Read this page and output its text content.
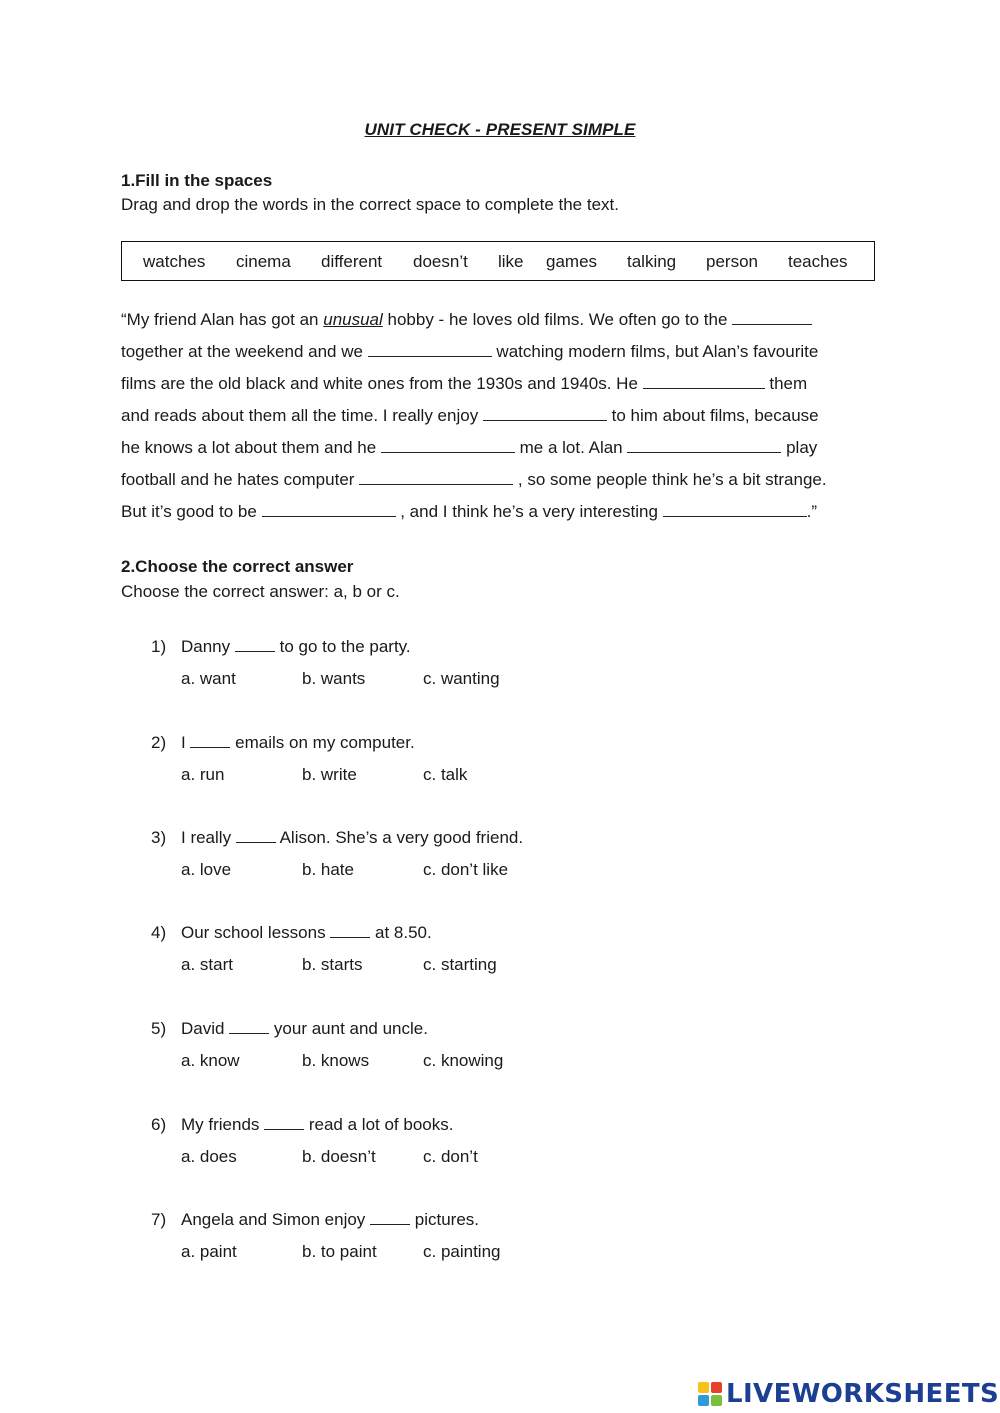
UNIT CHECK - PRESENT SIMPLE
1.Fill in the spaces
Drag and drop the words in the correct space to complete the text.
watches cinema different doesn’t like games talking person teaches
“My friend Alan has got an unusual hobby - he loves old films. We often go to the
together at the weekend and we	watching modern films, but Alan’s favourite
films are the old black and white ones from the 1930s and 1940s. He	them
and reads about them all the time. I really enjoy	to him about films, because
he knows a lot about them and he	me a lot. Alan	play
football and he hates computer	, so some people think he’s a bit strange.
But it’s good to be	, and I think he’s a very interesting	.”
2.Choose the correct answer
Choose the correct answer: a, b or c.
1) Danny  to go to the party.
a. want	b. wants	c. wanting
2) I  emails on my computer.
a. run	b. write	c. talk
3) I really  Alison. She’s a very good friend.
a. love	b. hate	c. don’t like
4) Our school lessons  at 8.50.
a. start	b. starts	c. starting
5) David  your aunt and uncle.
a. know	b. knows	c. knowing
6) My friends  read a lot of books.
a. does	b. doesn’t	c. don’t
7) Angela and Simon enjoy  pictures.
a. paint	b. to paint	c. painting
LIVEWORKSHEETS
